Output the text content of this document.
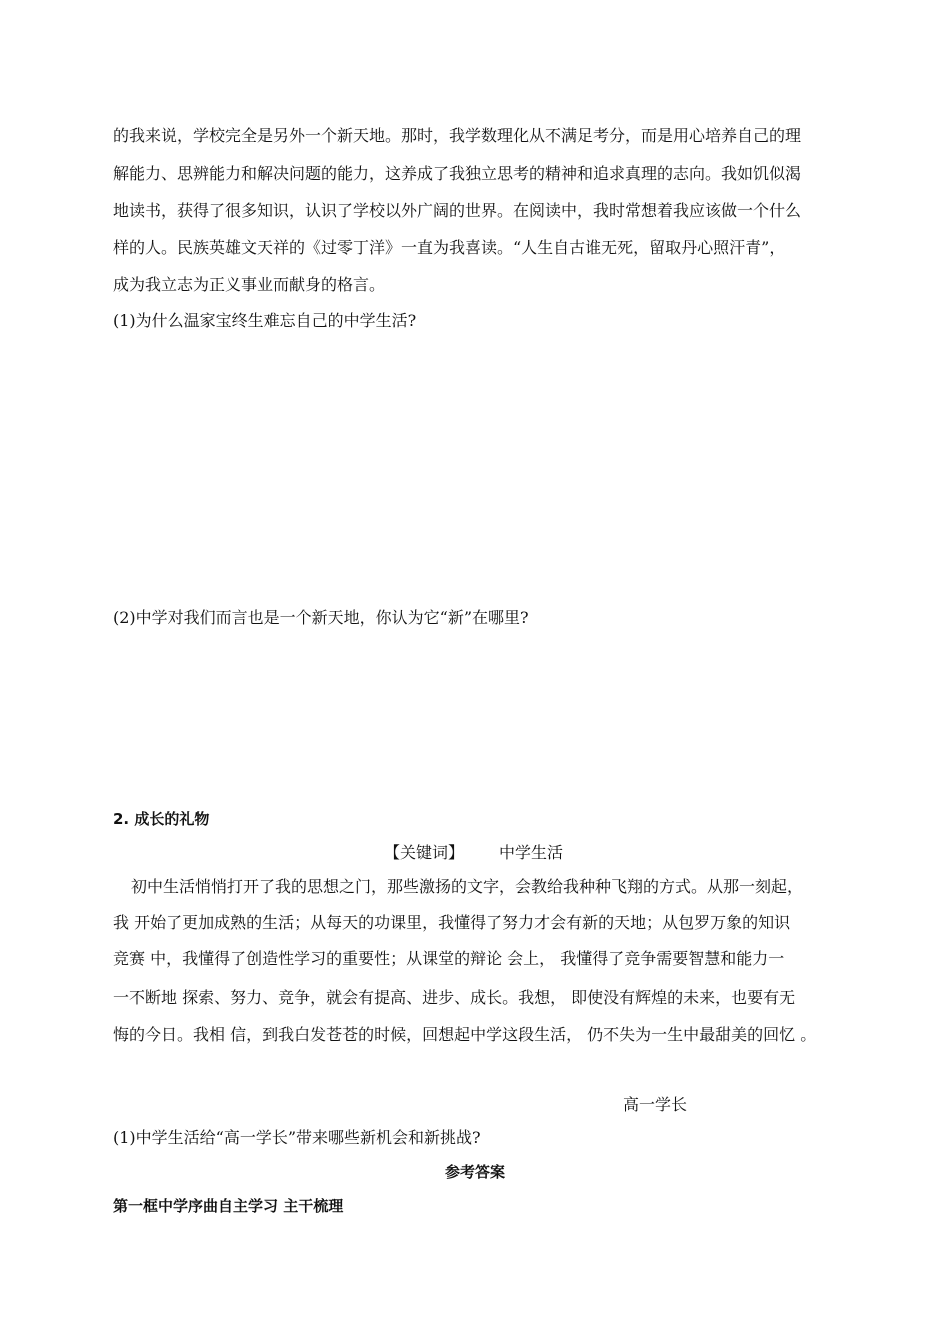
的我来说，学校完全是另外一个新天地。那时，我学数理化从不满足考分，而是用心培养自己的理
解能力、思辨能力和解决问题的能力，这养成了我独立思考的精神和追求真理的志向。我如饥似渴
地读书，获得了很多知识，认识了学校以外广阔的世界。在阅读中，我时常想着我应该做一个什么
样的人。民族英雄文天祥的《过零丁洋》一直为我喜读。“人生自古谁无死，留取丹心照汗青”，
成为我立志为正义事业而献身的格言。
(1)为什么温家宝终生难忘自己的中学生活?
(2)中学对我们而言也是一个新天地，你认为它“新”在哪里?
2. 成长的礼物
【关键词】 中学生活
初中生活悄悄打开了我的思想之门，那些激扬的文字，会教给我种种飞翔的方式。从那一刻起，
我 开始了更加成熟的生活；从每天的功课里，我懂得了努力才会有新的天地；从包罗万象的知识
竞赛 中，我懂得了创造性学习的重要性；从课堂的辩论 会上， 我懂得了竞争需要智慧和能力一
一不断地 探索、努力、竞争，就会有提高、进步、成长。我想， 即使没有辉煌的未来，也要有无
悔的今日。我相 信，到我白发苍苍的时候，回想起中学这段生活， 仍不失为一生中最甜美的回忆 。
高一学长
(1)中学生活给“高一学长”带来哪些新机会和新挑战?
参考答案
第一框中学序曲自主学习 主干梳理
